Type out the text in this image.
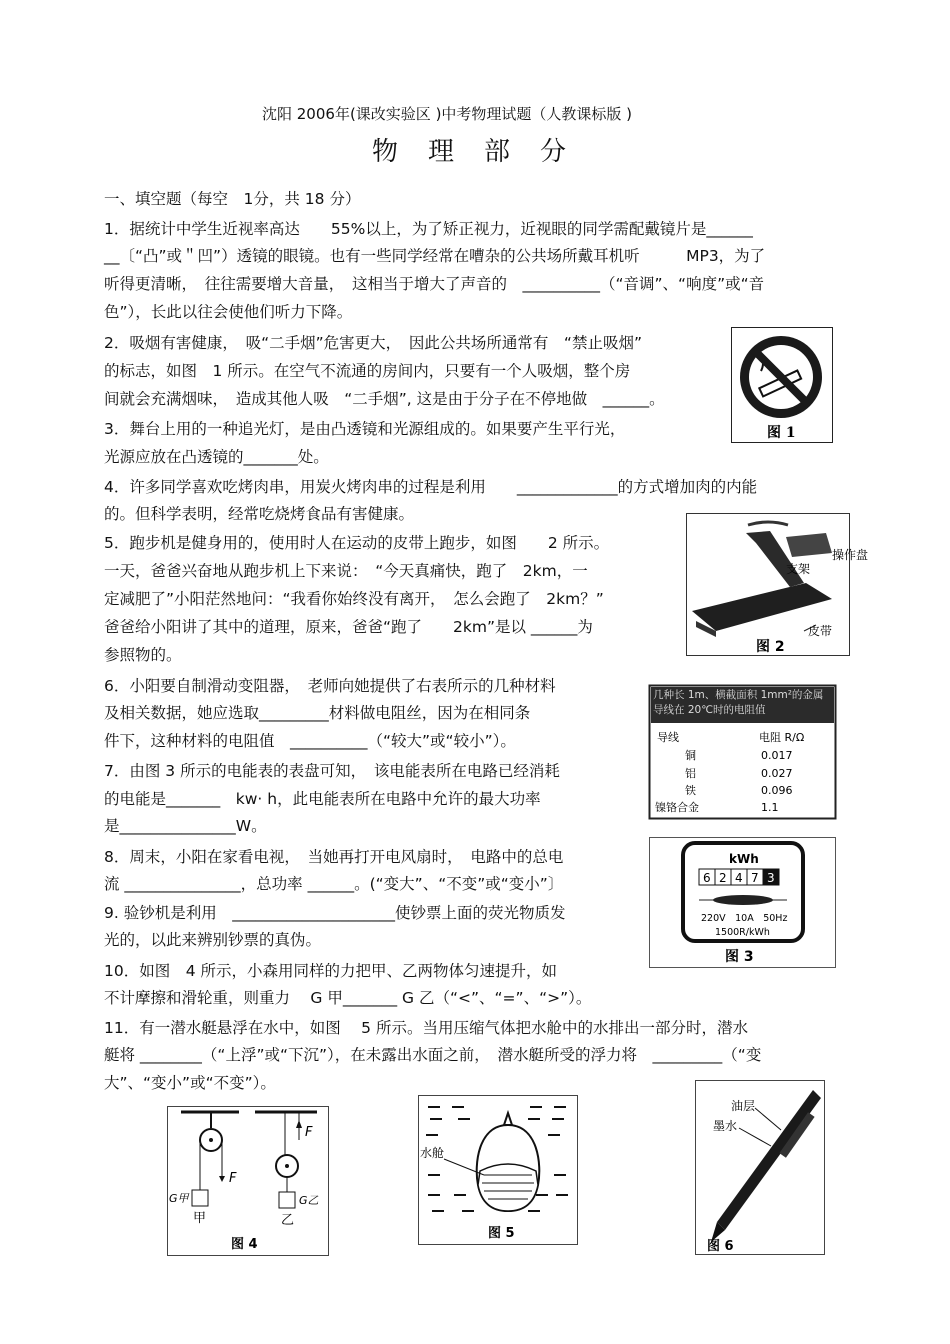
沈阳 2006年(课改实验区 )中考物理试题（人教课标版 )
物　理　部　分
一、填空题（每空　1分，共 18 分）
1．据统计中学生近视率高达　　55%以上，为了矫正视力，近视眼的同学需配戴镜片是______
__〔“凸”或＂凹”）透镜的眼镜。也有一些同学经常在嘈杂的公共场所戴耳机听　　　MP3，为了
听得更清晰，　往往需要增大音量，　这相当于增大了声音的　__________（“音调”、“响度”或“音
色”），长此以往会使他们听力下降。
2．吸烟有害健康，　吸“二手烟”危害更大，　因此公共场所通常有　“禁止吸烟”
的标志，如图　1 所示。在空气不流通的房间内，只要有一个人吸烟，整个房
间就会充满烟味，　造成其他人吸　“二手烟”, 这是由于分子在不停地做　______。
3．舞台上用的一种追光灯，是由凸透镜和光源组成的。如果要产生平行光，
光源应放在凸透镜的_______处。
4．许多同学喜欢吃烤肉串，用炭火烤肉串的过程是利用　　_____________的方式增加肉的内能
的。但科学表明，经常吃烧烤食品有害健康。
5．跑步机是健身用的，使用时人在运动的皮带上跑步，如图　　2 所示。
一天，爸爸兴奋地从跑步机上下来说：　“今天真痛快，跑了　2km，一
定减肥了”小阳茫然地问：“我看你始终没有离开，　怎么会跑了　2km？”
爸爸给小阳讲了其中的道理，原来，爸爸“跑了　　2km”是以 ______为
参照物的。
6．小阳要自制滑动变阻器，　老师向她提供了右表所示的几种材料
及相关数据，她应选取_________材料做电阻丝，因为在相同条
件下，这种材料的电阻值　__________（“较大”或“较小”）。
7．由图 3 所示的电能表的表盘可知，　该电能表所在电路已经消耗
的电能是_______　kw· h，此电能表所在电路中允许的最大功率
是_______________W。
8．周末，小阳在家看电视，　当她再打开电风扇时，　电路中的总电
流 _______________，总功率 ______。(“变大”、“不变”或“变小”〕
9. 验钞机是利用　_____________________使钞票上面的荧光物质发
光的，以此来辨别钞票的真伪。
10．如图　4 所示，小森用同样的力把甲、乙两物体匀速提升，如
不计摩擦和滑轮重，则重力　 G 甲_______ G 乙（“<”、“=”、“>”）。
11．有一潜水艇悬浮在水中，如图　 5 所示。当用压缩气体把水舱中的水排出一部分时，潜水
艇将 ________（“上浮”或“下沉”），在未露出水面之前，　潜水艇所受的浮力将　_________（“变
大”、“变小”或“不变”）。
图 1
支架
操作盘
皮带
图 2
几种长 1m、横截面积 1mm²的金属导线在 20℃时的电阻值
导线	电阻 R/Ω
铜	0.017
铝	0.027
铁	0.096
镍铬合金	1.1
kWh
6 2 4 7 3
220V　10A　50Hz
1500R/kWh
图 3
F
G甲
甲
F
G乙
乙
图 4
水舱
图 5
油层
墨水
图 6
